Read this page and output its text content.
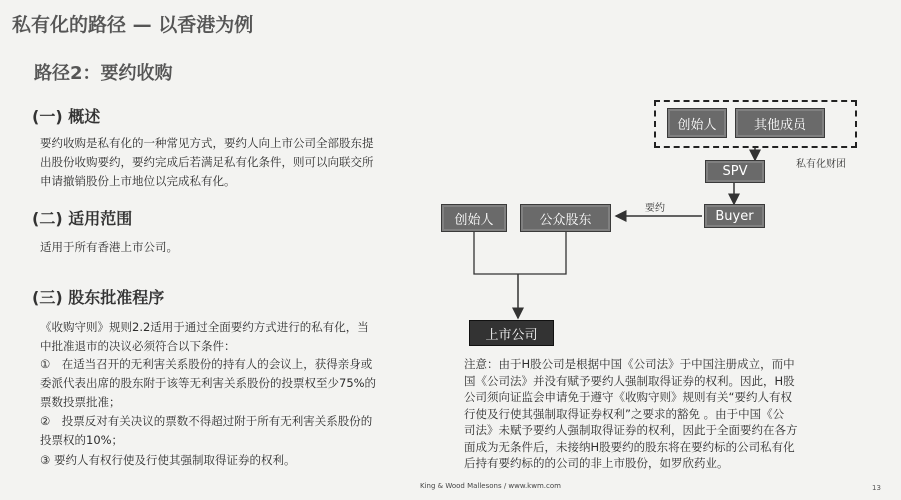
私有化的路径 — 以香港为例
路径2：要约收购
(一) 概述
要约收购是私有化的一种常见方式，要约人向上市公司全部股东提
出股份收购要约，要约完成后若满足私有化条件，则可以向联交所
申请撤销股份上市地位以完成私有化。
(二) 适用范围
适用于所有香港上市公司。
(三) 股东批准程序
《收购守则》规则2.2适用于通过全面要约方式进行的私有化，当
中批准退市的决议必须符合以下条件：
①　在适当召开的无利害关系股份的持有人的会议上，获得亲身或
委派代表出席的股东附于该等无利害关系股份的投票权至少75%的
票数投票批准；
②　投票反对有关决议的票数不得超过附于所有无利害关系股份的
投票权的10%；
③ 要约人有权行使及行使其强制取得证券的权利。
创始人	其他成员
私有化财团
SPV
Buyer
要约
创始人	公众股东
上市公司
注意：由于H股公司是根据中国《公司法》于中国注册成立，而中
国《公司法》并没有赋予要约人强制取得证券的权利。因此，H股
公司须向证监会申请免于遵守《收购守则》规则有关“要约人有权
行使及行使其强制取得证券权利”之要求的豁免 。由于中国《公
司法》未赋予要约人强制取得证券的权利，因此于全面要约在各方
面成为无条件后，未接纳H股要约的股东将在要约标的公司私有化
后持有要约标的的公司的非上市股份，如罗欣药业。
King & Wood Mallesons / www.kwm.com	13
